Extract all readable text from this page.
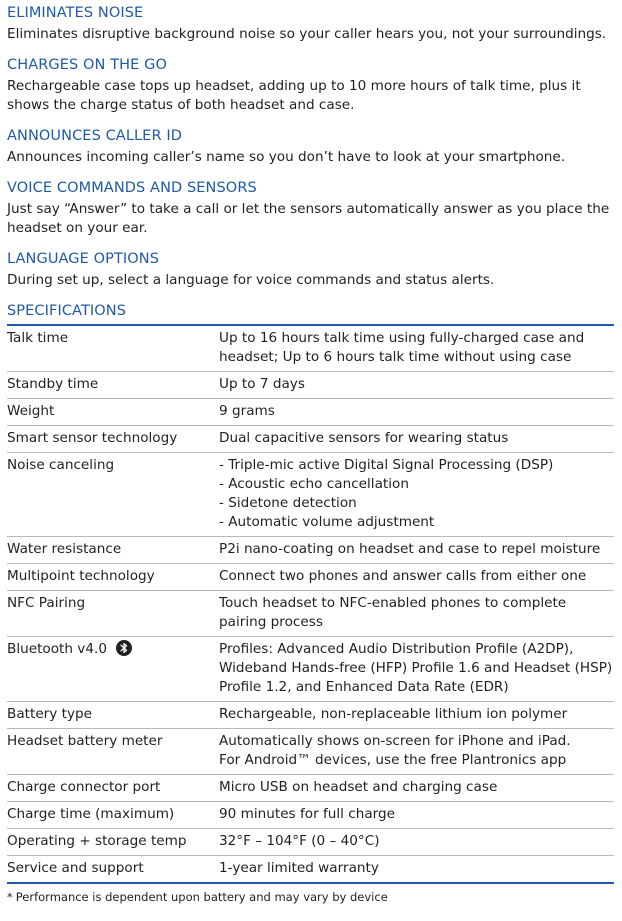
ELIMINATES NOISE

Eliminates disruptive background noise so your caller hears you, not your surroundings.

CHARGES ON THE GO

Rechargeable case tops up headset, adding up to 10 more hours of talk time, plus it shows the charge status of both headset and case.

ANNOUNCES CALLER ID

Announces incoming caller’s name so you don’t have to look at your smartphone.

VOICE COMMANDS AND SENSORS

Just say “Answer” to take a call or let the sensors automatically answer as you place the headset on your ear.

LANGUAGE OPTIONS

During set up, select a language for voice commands and status alerts.

SPECIFICATIONS
Talk time	Up to 16 hours talk time using fully-charged case and headset; Up to 6 hours talk time without using case
Standby time	Up to 7 days
Weight	9 grams
Smart sensor technology	Dual capacitive sensors for wearing status
Noise canceling	- Triple-mic active Digital Signal Processing (DSP)
- Acoustic echo cancellation
- Sidetone detection
- Automatic volume adjustment

Water resistance	P2i nano-coating on headset and case to repel moisture
Multipoint technology	Connect two phones and answer calls from either one
NFC Pairing	Touch headset to NFC-enabled phones to complete pairing process
Bluetooth v4.0	Profiles: Advanced Audio Distribution Profile (A2DP), Wideband Hands-free (HFP) Profile 1.6 and Headset (HSP) Profile 1.2, and Enhanced Data Rate (EDR)
Battery type	Rechargeable, non-replaceable lithium ion polymer
Headset battery meter	Automatically shows on-screen for iPhone and iPad.
For Android™ devices, use the free Plantronics app

Charge connector port	Micro USB on headset and charging case
Charge time (maximum)	90 minutes for full charge
Operating + storage temp	32°F – 104°F (0 – 40°C)
Service and support	1-year limited warranty
* Performance is dependent upon battery and may vary by device
